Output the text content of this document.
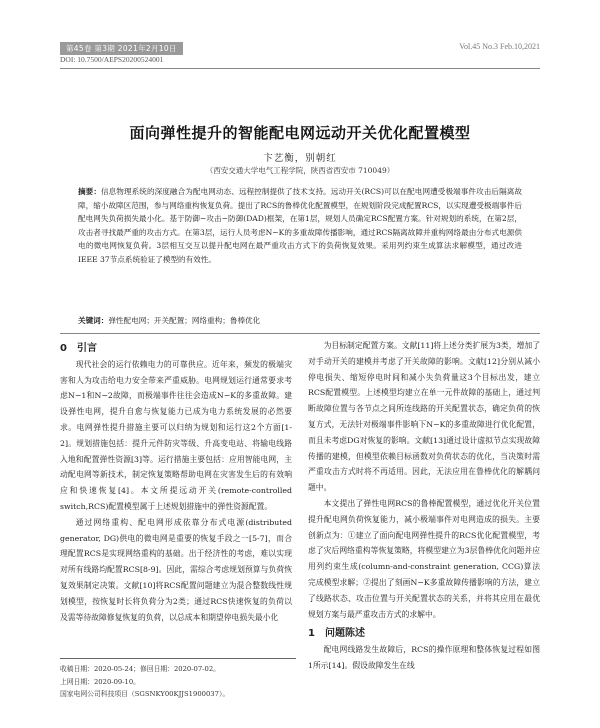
第45卷 第3期 2021年2月10日	Vol.45 No.3 Feb.10,2021
DOI: 10.7500/AEPS20200524001
面向弹性提升的智能配电网远动开关优化配置模型
卞艺衡，别朝红
（西安交通大学电气工程学院，陕西省西安市 710049）
摘要：信息物理系统的深度融合为配电网动态、远程控制提供了技术支持。远动开关(RCS)可以在配电网遭受极端事件攻击后隔离故障，缩小故障区范围，参与网络重构恢复负荷。提出了RCS的鲁棒优化配置模型，在规划阶段完成配置RCS，以实现遭受极端事件后配电网失负荷损失最小化。基于防御−攻击−防御(DAD)框架，在第1层，规划人员确定RCS配置方案。针对规划的系统，在第2层，攻击者寻找最严重的攻击方式。在第3层，运行人员考虑N−K的多重故障传播影响，通过RCS隔离故障并重构网络最由分布式电源供电的微电网恢复负荷。3层相互交互以提升配电网在最严重攻击方式下的负荷恢复效果。采用列约束生成算法求解模型，通过改进IEEE 37节点系统验证了模型的有效性。
关键词：弹性配电网；开关配置；网络重构；鲁棒优化

0　引言

现代社会的运行依赖电力的可靠供应。近年来，频发的极端灾害和人为攻击给电力安全带来严重威胁。电网规划运行通常要求考虑N−1和N−2故障，而极端事件往往会造成N−K的多重故障。建设弹性电网，提升自愈与恢复能力已成为电力系统发展的必然要求。电网弹性提升措施主要可以归纳为规划和运行这2个方面[1-2]。规划措施包括：提升元件防灾等级、升高变电站、将输电线路入地和配置弹性资源[3]等。运行措施主要包括：应用智能电网，主动配电网等新技术，制定恢复策略帮助电网在灾害发生后的有效响应和快速恢复[4]。本文所提远动开关(remote-controlled switch,RCS)配置模型属于上述规划措施中的弹性资源配置。

通过网络重构、配电网形成依靠分布式电源(distributed generator, DG)供电的微电网是重要的恢复手段之一[5-7]，而合理配置RCS是实现网络重构的基础。出于经济性的考虑，难以实现对所有线路均配置RCS[8-9]。因此，需综合考虑规划预算与负荷恢复效果制定决策。文献[10]将RCS配置问题建立为混合整数线性规划模型，按恢复时长将负荷分为2类；通过RCS快速恢复的负荷以及需等待故障修复恢复的负荷，以总成本和期望停电损失最小化

为目标制定配置方案。文献[11]将上述分类扩展为3类，增加了对手动开关的建模并考虑了开关故障的影响。文献[12]分别从减小停电损失、缩短停电时间和减小失负荷量这3个目标出发，建立RCS配置模型。上述模型均建立在单一元件故障的基础上，通过判断故障位置与各节点之间所连线路的开关配置状态，确定负荷的恢复方式，无法针对极端事件影响下N−K的多重故障进行优化配置，而且未考虑DG对恢复的影响。文献[13]通过设计虚拟节点实现故障传播的建模，但模型依赖目标函数对负荷状态的优化，当决策时需严重攻击方式时将不再适用。因此，无法应用在鲁棒优化的解耦问题中。

本文提出了弹性电网RCS的鲁棒配置模型，通过优化开关位置提升配电网负荷恢复能力，减小极端事件对电网造成的损失。主要创新点为：①建立了面向配电网弹性提升的RCS优化配置模型，考虑了灾后网络重构等恢复策略，将模型建立为3层鲁棒优化问题并应用列约束生成(column-and-constraint generation, CCG)算法完成模型求解；②提出了刻画N−K多重故障传播影响的方法，建立了线路状态、攻击位置与开关配置状态的关系，并将其应用在最优规划方案与最严重攻击方式的求解中。

1　问题陈述

配电网线路发生故障后，RCS的操作原理和整体恢复过程如图1所示[14]。假设故障发生在线

收稿日期：2020-05-24；修回日期：2020-07-02。
上网日期：2020-09-10。
国家电网公司科技项目（SGSNKY00KJJS1900037）。
